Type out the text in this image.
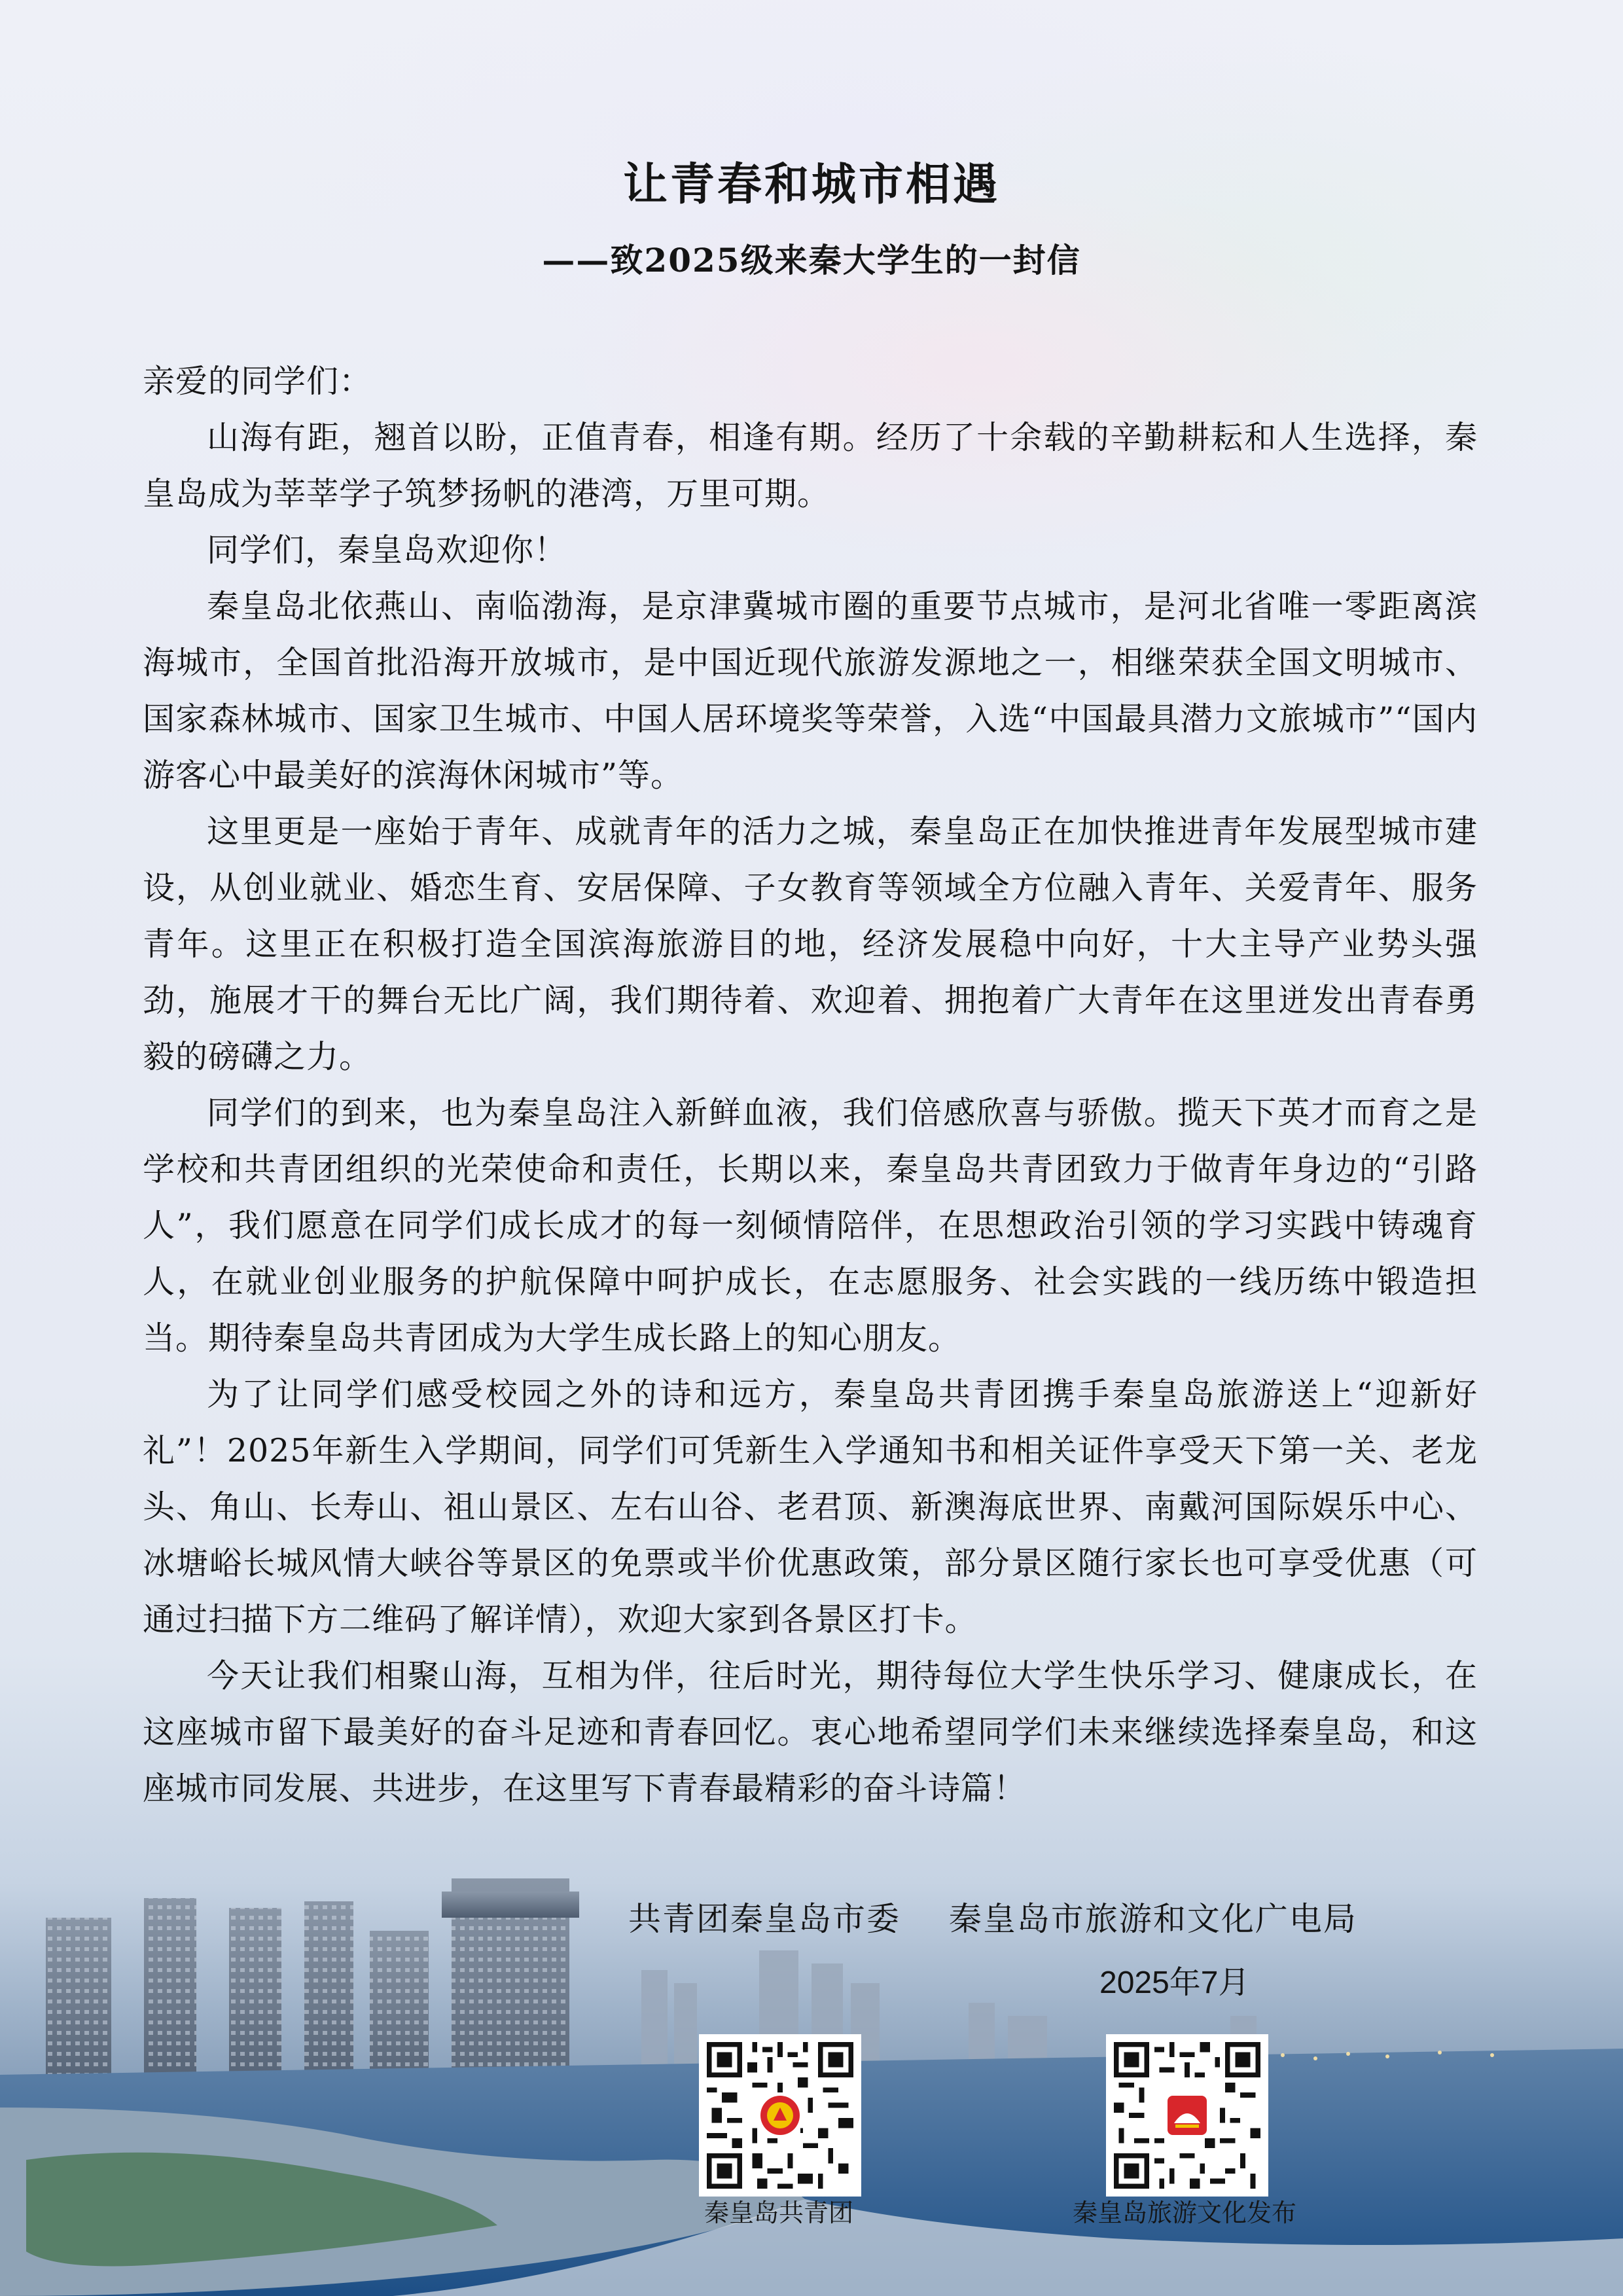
让青春和城市相遇
——致2025级来秦大学生的一封信

亲爱的同学们：

山海有距，翘首以盼，正值青春，相逢有期。经历了十余载的辛勤耕耘和人生选择，秦皇岛成为莘莘学子筑梦扬帆的港湾，万里可期。

同学们，秦皇岛欢迎你！

秦皇岛北依燕山、南临渤海，是京津冀城市圈的重要节点城市，是河北省唯一零距离滨海城市，全国首批沿海开放城市，是中国近现代旅游发源地之一，相继荣获全国文明城市、国家森林城市、国家卫生城市、中国人居环境奖等荣誉，入选“中国最具潜力文旅城市”“国内游客心中最美好的滨海休闲城市”等。

这里更是一座始于青年、成就青年的活力之城，秦皇岛正在加快推进青年发展型城市建设，从创业就业、婚恋生育、安居保障、子女教育等领域全方位融入青年、关爱青年、服务青年。这里正在积极打造全国滨海旅游目的地，经济发展稳中向好，十大主导产业势头强劲，施展才干的舞台无比广阔，我们期待着、欢迎着、拥抱着广大青年在这里迸发出青春勇毅的磅礴之力。

同学们的到来，也为秦皇岛注入新鲜血液，我们倍感欣喜与骄傲。揽天下英才而育之是学校和共青团组织的光荣使命和责任，长期以来，秦皇岛共青团致力于做青年身边的“引路人”，我们愿意在同学们成长成才的每一刻倾情陪伴，在思想政治引领的学习实践中铸魂育人，在就业创业服务的护航保障中呵护成长，在志愿服务、社会实践的一线历练中锻造担当。期待秦皇岛共青团成为大学生成长路上的知心朋友。

为了让同学们感受校园之外的诗和远方，秦皇岛共青团携手秦皇岛旅游送上“迎新好礼”！2025年新生入学期间，同学们可凭新生入学通知书和相关证件享受天下第一关、老龙头、角山、长寿山、祖山景区、左右山谷、老君顶、新澳海底世界、南戴河国际娱乐中心、冰塘峪长城风情大峡谷等景区的免票或半价优惠政策，部分景区随行家长也可享受优惠（可通过扫描下方二维码了解详情），欢迎大家到各景区打卡。

今天让我们相聚山海，互相为伴，往后时光，期待每位大学生快乐学习、健康成长，在这座城市留下最美好的奋斗足迹和青春回忆。衷心地希望同学们未来继续选择秦皇岛，和这座城市同发展、共进步，在这里写下青春最精彩的奋斗诗篇！

共青团秦皇岛市委 秦皇岛市旅游和文化广电局
2025年7月
秦皇岛共青团	秦皇岛旅游文化发布
